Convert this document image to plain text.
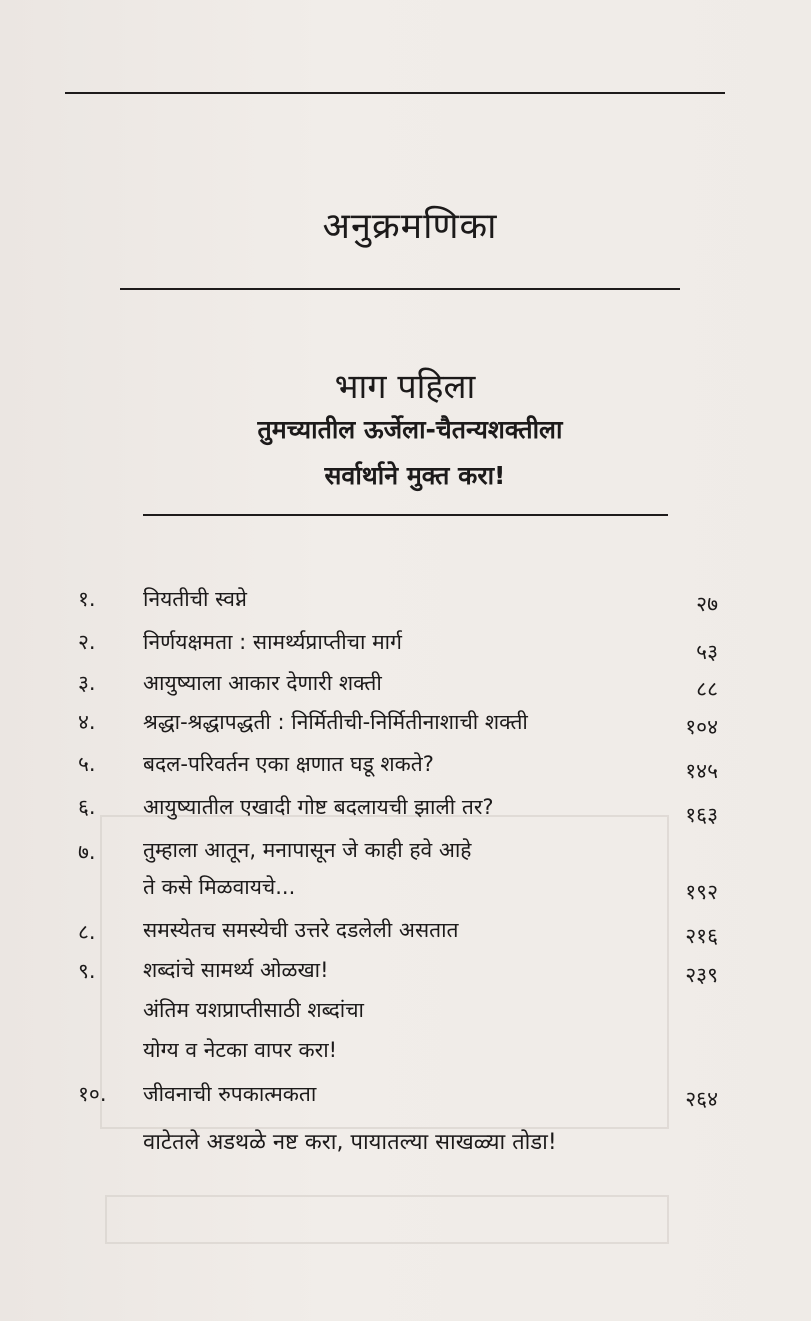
अनुक्रमणिका
भाग पहिला
तुमच्यातील ऊर्जेला-चैतन्यशक्तीला
सर्वार्थाने मुक्त करा!
१. नियतीची स्वप्ने	२७
२. निर्णयक्षमता : सामर्थ्यप्राप्तीचा मार्ग	५३
३. आयुष्याला आकार देणारी शक्ती	८८
४. श्रद्धा-श्रद्धापद्धती : निर्मितीची-निर्मितीनाशाची शक्ती	१०४
५. बदल-परिवर्तन एका क्षणात घडू शकते?	१४५
६. आयुष्यातील एखादी गोष्ट बदलायची झाली तर?	१६३
७. तुम्हाला आतून, मनापासून जे काही हवे आहे
ते कसे मिळवायचे...	१९२
८. समस्येतच समस्येची उत्तरे दडलेली असतात	२१६
९. शब्दांचे सामर्थ्य ओळखा!
अंतिम यशप्राप्तीसाठी शब्दांचा
योग्य व नेटका वापर करा!
२३९
१०. जीवनाची रुपकात्मकता	२६४
वाटेतले अडथळे नष्ट करा, पायातल्या साखळ्या तोडा!
